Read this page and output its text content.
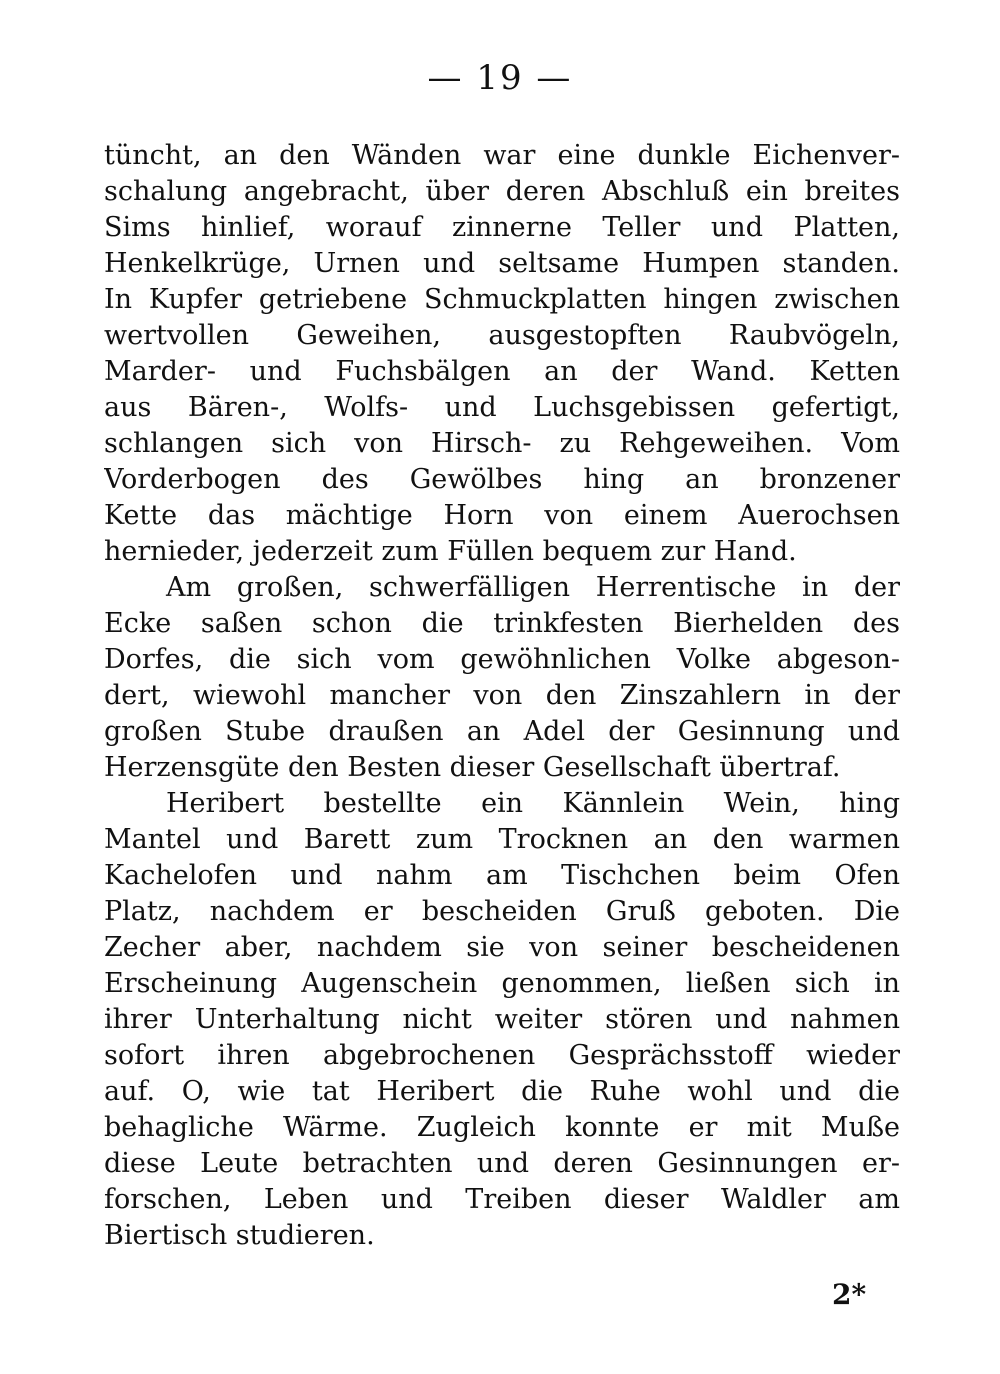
— 19 —
tüncht, an den Wänden war eine dunkle Eichenver-
schalung angebracht, über deren Abschluß ein breites
Sims hinlief, worauf zinnerne Teller und Platten,
Henkelkrüge, Urnen und seltsame Humpen standen.
In Kupfer getriebene Schmuckplatten hingen zwischen
wertvollen Geweihen, ausgestopften Raubvögeln,
Marder- und Fuchsbälgen an der Wand. Ketten
aus Bären-, Wolfs- und Luchsgebissen gefertigt,
schlangen sich von Hirsch- zu Rehgeweihen. Vom
Vorderbogen des Gewölbes hing an bronzener
Kette das mächtige Horn von einem Auerochsen
hernieder, jederzeit zum Füllen bequem zur Hand.
Am großen, schwerfälligen Herrentische in der
Ecke saßen schon die trinkfesten Bierhelden des
Dorfes, die sich vom gewöhnlichen Volke abgeson-
dert, wiewohl mancher von den Zinszahlern in der
großen Stube draußen an Adel der Gesinnung und
Herzensgüte den Besten dieser Gesellschaft übertraf.
Heribert bestellte ein Kännlein Wein, hing
Mantel und Barett zum Trocknen an den warmen
Kachelofen und nahm am Tischchen beim Ofen
Platz, nachdem er bescheiden Gruß geboten. Die
Zecher aber, nachdem sie von seiner bescheidenen
Erscheinung Augenschein genommen, ließen sich in
ihrer Unterhaltung nicht weiter stören und nahmen
sofort ihren abgebrochenen Gesprächsstoff wieder
auf. O, wie tat Heribert die Ruhe wohl und die
behagliche Wärme. Zugleich konnte er mit Muße
diese Leute betrachten und deren Gesinnungen er-
forschen, Leben und Treiben dieser Waldler am
Biertisch studieren.
2*
